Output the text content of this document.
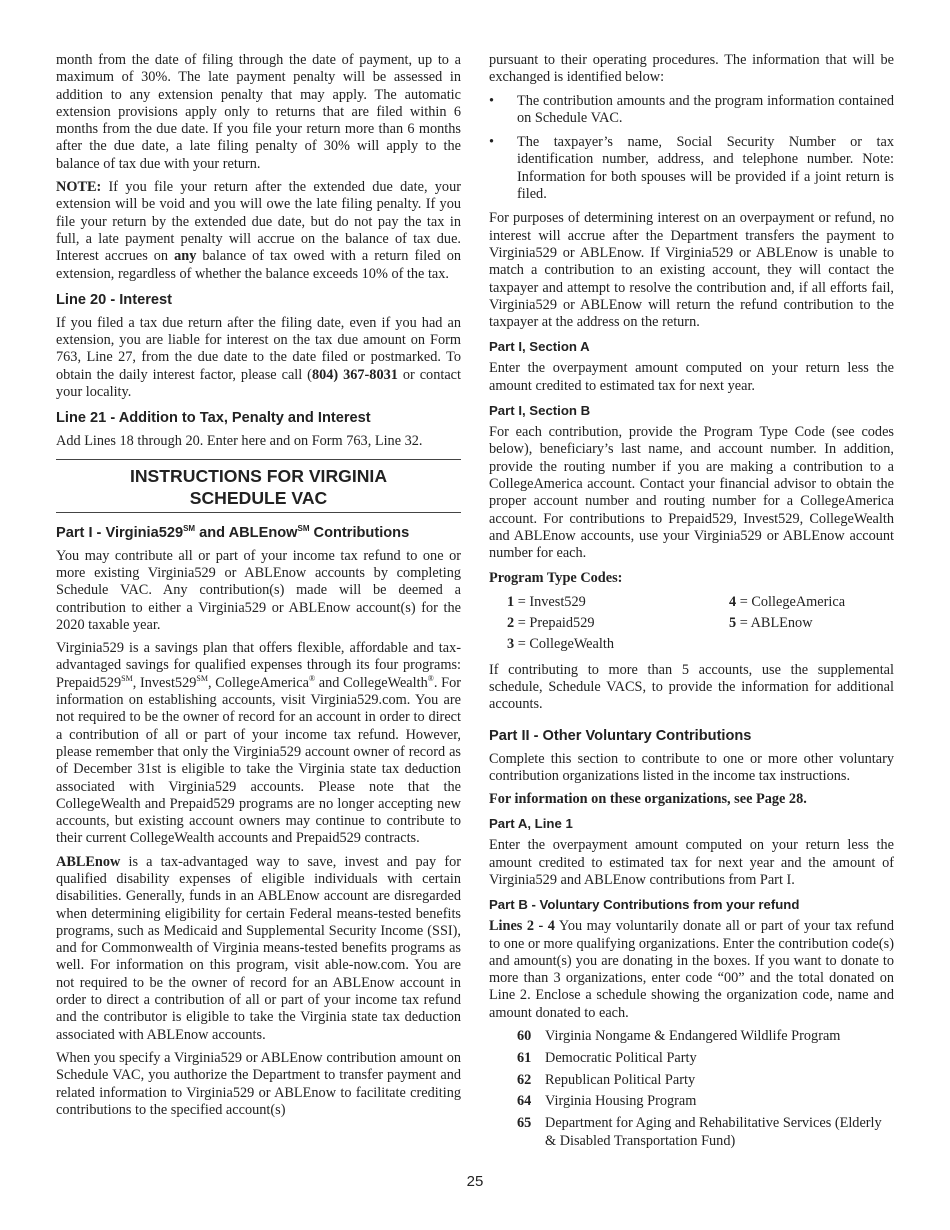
month from the date of filing through the date of payment, up to a maximum of 30%. The late payment penalty will be assessed in addition to any extension penalty that may apply. The automatic extension provisions apply only to returns that are filed within 6 months from the due date. If you file your return more than 6 months after the due date, a late filing penalty of 30% will apply to the balance of tax due with your return.

NOTE: If you file your return after the extended due date, your extension will be void and you will owe the late filing penalty. If you file your return by the extended due date, but do not pay the tax in full, a late payment penalty will accrue on the balance of tax due. Interest accrues on any balance of tax owed with a return filed on extension, regardless of whether the balance exceeds 10% of the tax.

Line 20 - Interest

If you filed a tax due return after the filing date, even if you had an extension, you are liable for interest on the tax due amount on Form 763, Line 27, from the due date to the date filed or postmarked. To obtain the daily interest factor, please call (804) 367-8031 or contact your locality.

Line 21 - Addition to Tax, Penalty and Interest

Add Lines 18 through 20. Enter here and on Form 763, Line 32.

INSTRUCTIONS FOR VIRGINIA
SCHEDULE VAC
Part I - Virginia529℠ and ABLEnow℠ Contributions

You may contribute all or part of your income tax refund to one or more existing Virginia529 or ABLEnow accounts by completing Schedule VAC. Any contribution(s) made will be deemed a contribution to either a Virginia529 or ABLEnow account(s) for the 2020 taxable year.

Virginia529 is a savings plan that offers flexible, affordable and tax-advantaged savings for qualified expenses through its four programs: Prepaid529℠, Invest529℠, CollegeAmerica® and CollegeWealth®. For information on establishing accounts, visit Virginia529.com. You are not required to be the owner of record for an account in order to direct a contribution of all or part of your income tax refund. However, please remember that only the Virginia529 account owner of record as of December 31st is eligible to take the Virginia state tax deduction associated with Virginia529 accounts. Please note that the CollegeWealth and Prepaid529 programs are no longer accepting new accounts, but existing account owners may continue to contribute to their current CollegeWealth accounts and Prepaid529 contracts.

ABLEnow is a tax-advantaged way to save, invest and pay for qualified disability expenses of eligible individuals with certain disabilities. Generally, funds in an ABLEnow account are disregarded when determining eligibility for certain Federal means-tested benefits programs, such as Medicaid and Supplemental Security Income (SSI), and for Commonwealth of Virginia means-tested benefits programs as well. For information on this program, visit able-now.com. You are not required to be the owner of record for an ABLEnow account in order to direct a contribution of all or part of your income tax refund and the contributor is eligible to take the Virginia state tax deduction associated with ABLEnow accounts.

When you specify a Virginia529 or ABLEnow contribution amount on Schedule VAC, you authorize the Department to transfer payment and related information to Virginia529 or ABLEnow to facilitate crediting contributions to the specified account(s)

pursuant to their operating procedures. The information that will be exchanged is identified below:

• The contribution amounts and the program information contained on Schedule VAC.
• The taxpayer’s name, Social Security Number or tax identification number, address, and telephone number. Note: Information for both spouses will be provided if a joint return is filed.

For purposes of determining interest on an overpayment or refund, no interest will accrue after the Department transfers the payment to Virginia529 or ABLEnow. If Virginia529 or ABLEnow is unable to match a contribution to an existing account, they will contact the taxpayer and attempt to resolve the contribution and, if all efforts fail, Virginia529 or ABLEnow will return the refund contribution to the taxpayer at the address on the return.

Part I, Section A

Enter the overpayment amount computed on your return less the amount credited to estimated tax for next year.

Part I, Section B

For each contribution, provide the Program Type Code (see codes below), beneficiary’s last name, and account number. In addition, provide the routing number if you are making a contribution to a CollegeAmerica account. Contact your financial advisor to obtain the proper account number and routing number for a CollegeAmerica account. For contributions to Prepaid529, Invest529, CollegeWealth and ABLEnow accounts, use your Virginia529 or ABLEnow account number for each.

Program Type Codes:

1 = Invest529	4 = CollegeAmerica
2 = Prepaid529	5 = ABLEnow
3 = CollegeWealth

If contributing to more than 5 accounts, use the supplemental schedule, Schedule VACS, to provide the information for additional accounts.

Part II - Other Voluntary Contributions

Complete this section to contribute to one or more other voluntary contribution organizations listed in the income tax instructions.

For information on these organizations, see Page 28.

Part A, Line 1

Enter the overpayment amount computed on your return less the amount credited to estimated tax for next year and the amount of Virginia529 and ABLEnow contributions from Part I.

Part B - Voluntary Contributions from your refund

Lines 2 - 4 You may voluntarily donate all or part of your tax refund to one or more qualifying organizations. Enter the contribution code(s) and amount(s) you are donating in the boxes. If you want to donate to more than 3 organizations, enter code “00” and the total donated on Line 2. Enclose a schedule showing the organization code, name and amount donated to each.

60 Virginia Nongame & Endangered Wildlife Program
61 Democratic Political Party
62 Republican Political Party
64 Virginia Housing Program
65 Department for Aging and Rehabilitative Services (Elderly & Disabled Transportation Fund)
25
